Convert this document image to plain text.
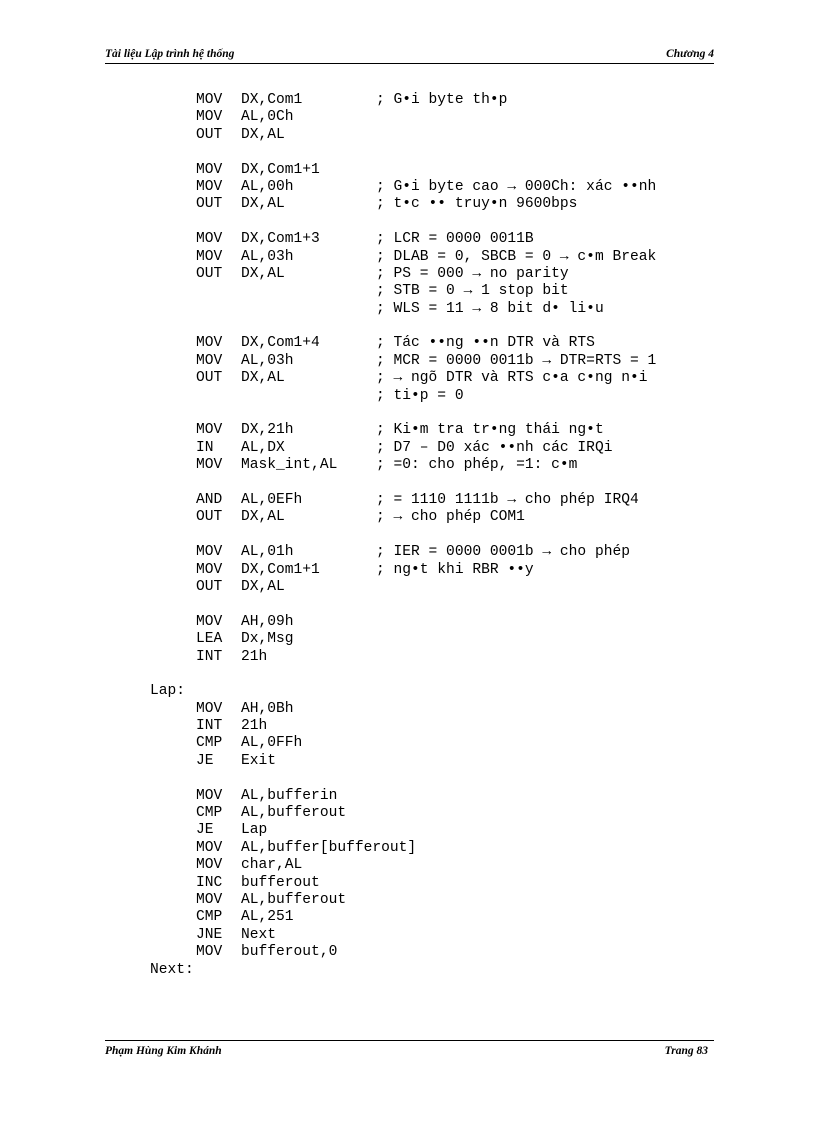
Tài liệu Lập trình hệ thống	Chương 4
MOV DX,Com1	; G•i byte th•p
MOV AL,0Ch
OUT DX,AL
MOV DX,Com1+1
MOV AL,00h	; G•i byte cao → 000Ch: xác ••nh
OUT DX,AL	; t•c •• truy•n 9600bps
MOV DX,Com1+3	; LCR = 0000 0011B
MOV AL,03h	; DLAB = 0, SBCB = 0 → c•m Break
OUT DX,AL	; PS = 000 → no parity
; STB = 0 → 1 stop bit
; WLS = 11 → 8 bit d• li•u
MOV DX,Com1+4	; Tác ••ng ••n DTR và RTS
MOV AL,03h	; MCR = 0000 0011b → DTR=RTS = 1
OUT DX,AL	; → ngõ DTR và RTS c•a c•ng n•i
; ti•p = 0
MOV DX,21h	; Ki•m tra tr•ng thái ng•t
IN AL,DX	; D7 – D0 xác ••nh các IRQi
MOV Mask_int,AL	; =0: cho phép, =1: c•m
AND AL,0EFh	; = 1110 1111b → cho phép IRQ4
OUT DX,AL	; → cho phép COM1
MOV AL,01h	; IER = 0000 0001b → cho phép
MOV DX,Com1+1	; ng•t khi RBR ••y
OUT DX,AL
MOV AH,09h
LEA Dx,Msg
INT 21h
Lap:
MOV AH,0Bh
INT 21h
CMP AL,0FFh
JE Exit
MOV AL,bufferin
CMP AL,bufferout
JE Lap
MOV AL,buffer[bufferout]
MOV char,AL
INC bufferout
MOV AL,bufferout
CMP AL,251
JNE Next
MOV bufferout,0
Next:
Phạm Hùng Kim Khánh	Trang 83
